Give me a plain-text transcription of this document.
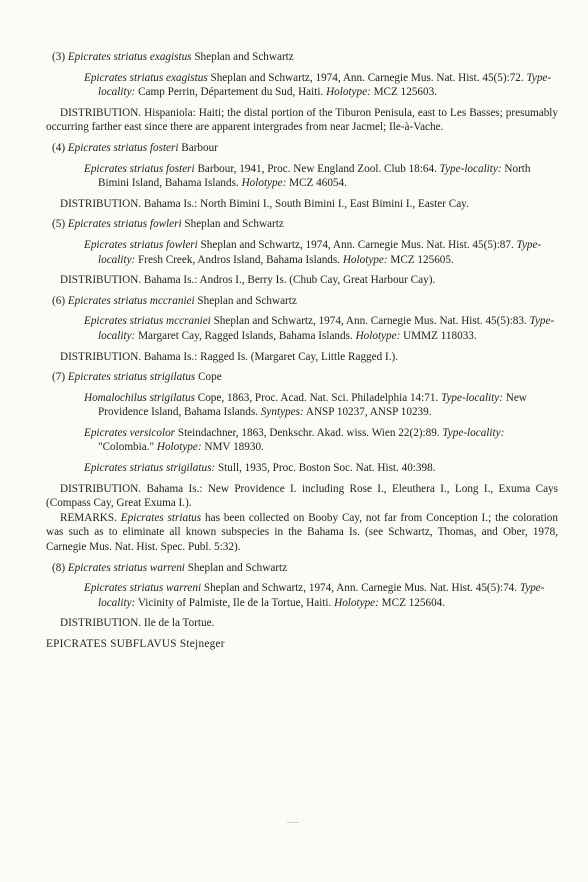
(3) Epicrates striatus exagistus Sheplan and Schwartz

Epicrates striatus exagistus Sheplan and Schwartz, 1974, Ann. Carnegie Mus. Nat. Hist. 45(5):72. Type-locality: Camp Perrin, Département du Sud, Haiti. Holotype: MCZ 125603.

DISTRIBUTION. Hispaniola: Haiti; the distal portion of the Tiburon Penisula, east to Les Basses; presumably occurring farther east since there are apparent intergrades from near Jacmel; Ile-à-Vache.

(4) Epicrates striatus fosteri Barbour

Epicrates striatus fosteri Barbour, 1941, Proc. New England Zool. Club 18:64. Type-locality: North Bimini Island, Bahama Islands. Holotype: MCZ 46054.

DISTRIBUTION. Bahama Is.: North Bimini I., South Bimini I., East Bimini I., Easter Cay.

(5) Epicrates striatus fowleri Sheplan and Schwartz

Epicrates striatus fowleri Sheplan and Schwartz, 1974, Ann. Carnegie Mus. Nat. Hist. 45(5):87. Type-locality: Fresh Creek, Andros Island, Bahama Islands. Holotype: MCZ 125605.

DISTRIBUTION. Bahama Is.: Andros I., Berry Is. (Chub Cay, Great Harbour Cay).

(6) Epicrates striatus mccraniei Sheplan and Schwartz

Epicrates striatus mccraniei Sheplan and Schwartz, 1974, Ann. Carnegie Mus. Nat. Hist. 45(5):83. Type-locality: Margaret Cay, Ragged Islands, Bahama Islands. Holotype: UMMZ 118033.

DISTRIBUTION. Bahama Is.: Ragged Is. (Margaret Cay, Little Ragged I.).

(7) Epicrates striatus strigilatus Cope

Homalochilus strigilatus Cope, 1863, Proc. Acad. Nat. Sci. Philadelphia 14:71. Type-locality: New Providence Island, Bahama Islands. Syntypes: ANSP 10237, ANSP 10239.

Epicrates versicolor Steindachner, 1863, Denkschr. Akad. wiss. Wien 22(2):89. Type-locality: "Colombia." Holotype: NMV 18930.

Epicrates striatus strigilatus: Stull, 1935, Proc. Boston Soc. Nat. Hist. 40:398.

DISTRIBUTION. Bahama Is.: New Providence I. including Rose I., Eleuthera I., Long I., Exuma Cays (Compass Cay, Great Exuma I.).

REMARKS. Epicrates striatus has been collected on Booby Cay, not far from Conception I.; the coloration was such as to eliminate all known subspecies in the Bahama Is. (see Schwartz, Thomas, and Ober, 1978, Carnegie Mus. Nat. Hist. Spec. Publ. 5:32).

(8) Epicrates striatus warreni Sheplan and Schwartz

Epicrates striatus warreni Sheplan and Schwartz, 1974, Ann. Carnegie Mus. Nat. Hist. 45(5):74. Type-locality: Vicinity of Palmiste, Ile de la Tortue, Haiti. Holotype: MCZ 125604.

DISTRIBUTION. Ile de la Tortue.

EPICRATES SUBFLAVUS Stejneger
